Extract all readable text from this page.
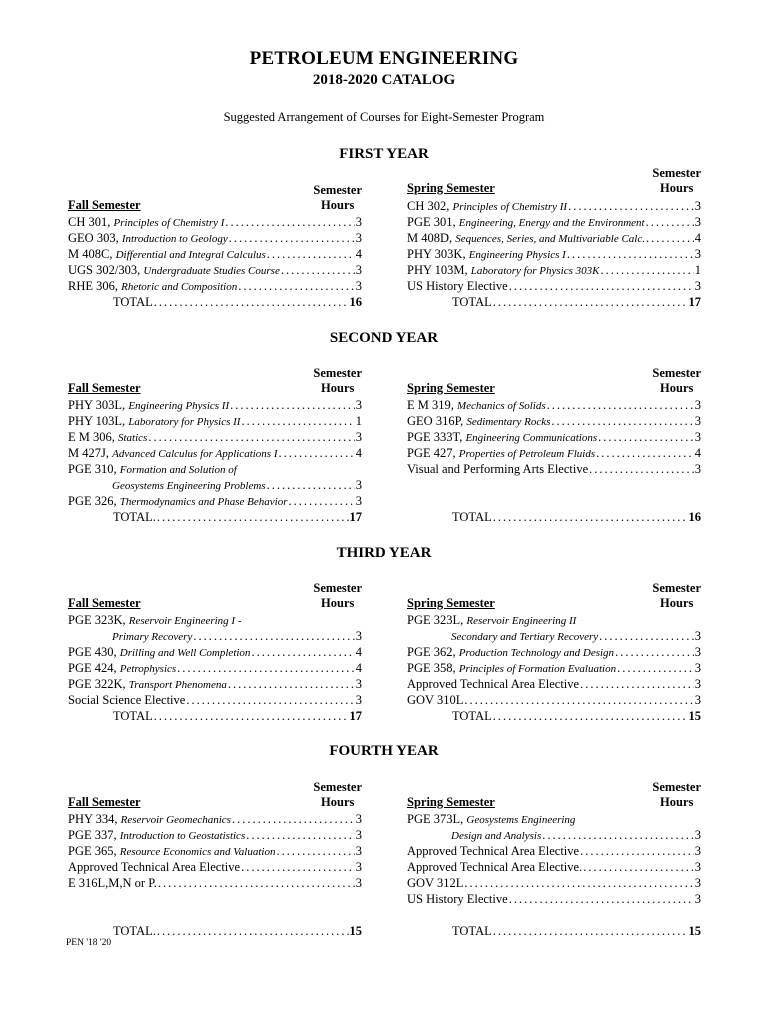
PETROLEUM ENGINEERING
2018-2020 CATALOG
Suggested Arrangement of Courses for Eight-Semester Program
FIRST YEAR
Semester
Hours
Fall Semester
CH 301, Principles of Chemistry I .....	3
GEO 303, Introduction to Geology .....	3
M 408C, Differential and Integral Calculus .....	4
UGS 302/303, Undergraduate Studies Course .....	3
RHE 306, Rhetoric and Composition .....	3
TOTAL .....	16
Semester
Hours
Spring Semester
CH 302, Principles of Chemistry II .....	3
PGE 301, Engineering, Energy and the Environment .....	3
M 408D, Sequences, Series, and Multivariable Calc. .....	4
PHY 303K, Engineering Physics I .....	3
PHY 103M, Laboratory for Physics 303K .....	1
US History Elective .....	3
TOTAL .....	17
SECOND YEAR
Semester
Hours
Fall Semester
PHY 303L, Engineering Physics II .....	3
PHY 103L, Laboratory for Physics II .....	1
E M 306, Statics .....	3
M 427J, Advanced Calculus for Applications I .....	4
PGE 310, Formation and Solution of
Geosystems Engineering Problems .....	3
PGE 326, Thermodynamics and Phase Behavior .....	3
TOTAL. .....	17
Semester
Hours
Spring Semester
E M 319, Mechanics of Solids .....	3
GEO 316P, Sedimentary Rocks .....	3
PGE 333T, Engineering Communications .....	3
PGE 427, Properties of Petroleum Fluids .....	4
Visual and Performing Arts Elective .....	3
TOTAL .....	16
THIRD YEAR
Semester
Hours
Fall Semester
PGE 323K, Reservoir Engineering I -
Primary Recovery .....	3
PGE 430, Drilling and Well Completion .....	4
PGE 424, Petrophysics .....	4
PGE 322K, Transport Phenomena .....	3
Social Science Elective .....	3
TOTAL .....	17
Semester
Hours
Spring Semester
PGE 323L, Reservoir Engineering II
Secondary and Tertiary Recovery .....	3
PGE 362, Production Technology and Design .....	3
PGE 358, Principles of Formation Evaluation .....	3
Approved Technical Area Elective .....	3
GOV 310L .....	3
TOTAL .....	15
FOURTH YEAR
Semester
Hours
Fall Semester
PHY 334, Reservoir Geomechanics .....	3
PGE 337, Introduction to Geostatistics .....	3
PGE 365, Resource Economics and Valuation .....	3
Approved Technical Area Elective .....	3
E 316L,M,N or P. .....	3
TOTAL. .....	15
Semester
Hours
Spring Semester
PGE 373L, Geosystems Engineering
Design and Analysis .....	3
Approved Technical Area Elective .....	3
Approved Technical Area Elective. .....	3
GOV 312L .....	3
US History Elective .....	3
TOTAL .....	15
PEN '18 '20
